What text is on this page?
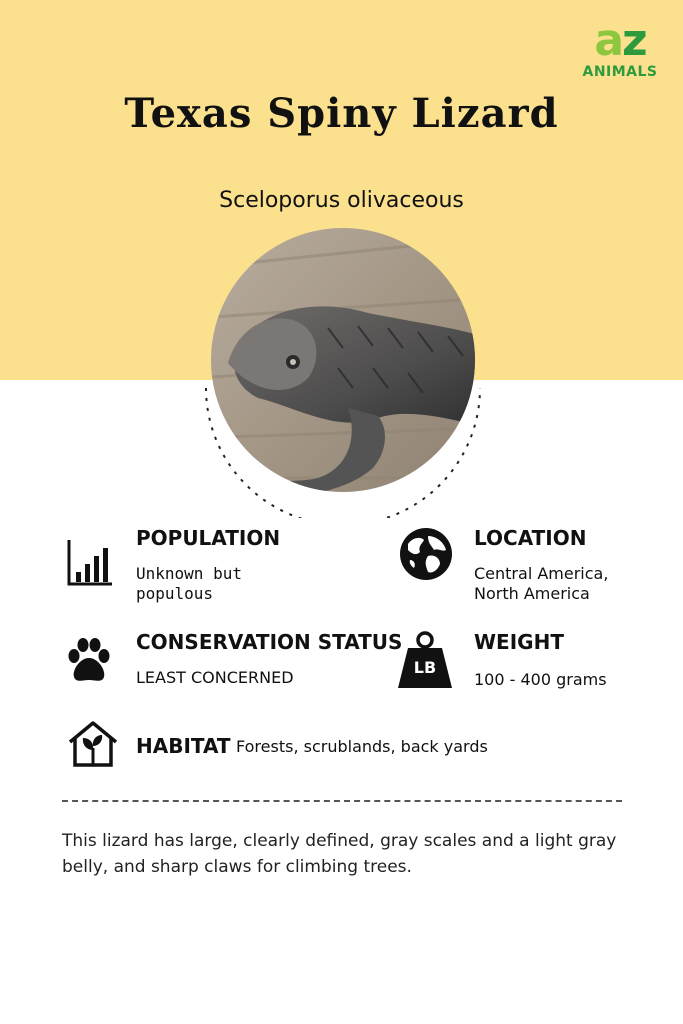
az
ANIMALS
Texas Spiny Lizard
Sceloporus olivaceous
POPULATION
Unknown but populous
LOCATION
Central America, North America
CONSERVATION STATUS
LEAST CONCERNED
LB
WEIGHT
100 - 400 grams
HABITAT Forests, scrublands, back yards
This lizard has large, clearly defined, gray scales and a light gray belly, and sharp claws for climbing trees.
